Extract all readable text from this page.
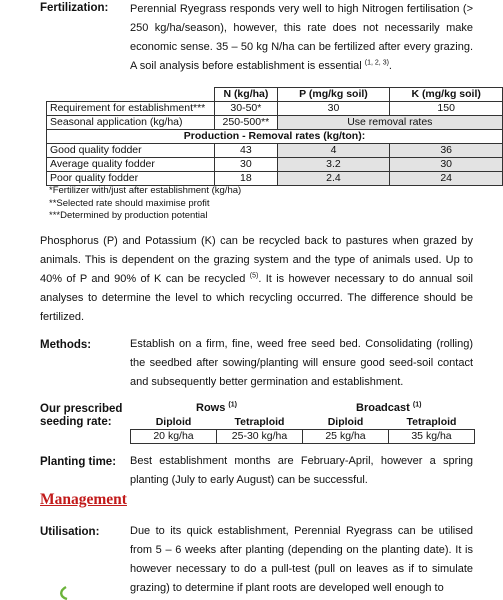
Fertilization: Perennial Ryegrass responds very well to high Nitrogen fertilisation (> 250 kg/ha/season), however, this rate does not necessarily make economic sense. 35 – 50 kg N/ha can be fertilized after every grazing. A soil analysis before establishment is essential $^{(1, 2, 3)}$.
	N (kg/ha)	P (mg/kg soil)	K (mg/kg soil)
Requirement for establishment***	30-50*	30	150
Seasonal application (kg/ha)	250-500**	Use removal rates	
Production - Removal rates (kg/ton):			
Good quality fodder	43	4	36
Average quality fodder	30	3.2	30
Poor quality fodder	18	2.4	24
*Fertilizer with/just after establishment (kg/ha)
**Selected rate should maximise profit
***Determined by production potential
Phosphorus (P) and Potassium (K) can be recycled back to pastures when grazed by animals. This is dependent on the grazing system and the type of animals used. Up to 40% of P and 90% of K can be recycled $^{(5)}$. It is however necessary to do annual soil analyses to determine the level to which recycling occurred. The difference should be fertilized.
Methods:	Establish on a firm, fine, weed free seed bed. Consolidating (rolling) the seedbed after sowing/planting will ensure good seed-soil contact and subsequently better germination and establishment.
Our prescribed
seeding rate:
Rows $^{(1)}$	Broadcast $^{(1)}$
Diploid	Tetraploid	Diploid	Tetraploid
20 kg/ha	25-30 kg/ha	25 kg/ha	35 kg/ha
Planting time: Best establishment months are February-April, however a spring planting (July to early August) can be successful.
Management
Utilisation:	Due to its quick establishment, Perennial Ryegrass can be utilised from 5 – 6 weeks after planting (depending on the planting date). It is however necessary to do a pull-test (pull on leaves as if to simulate grazing) to determine if plant roots are developed well enough to
